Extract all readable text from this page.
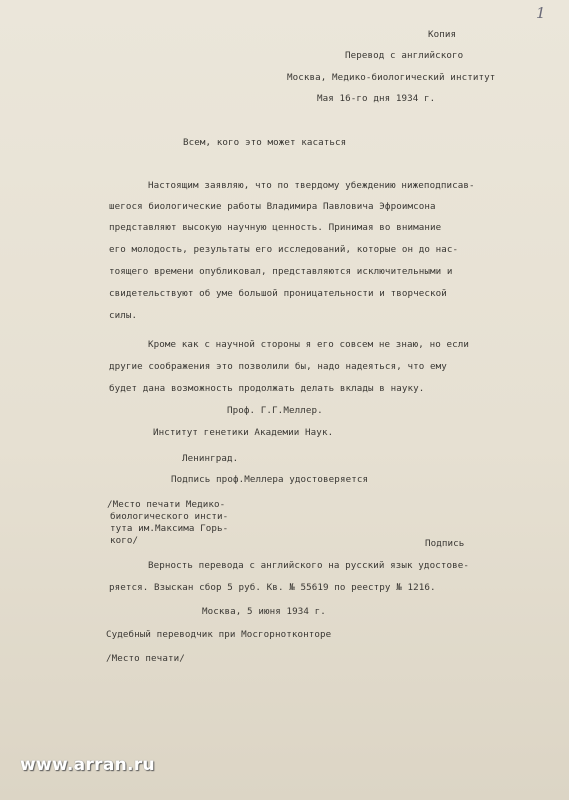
1
Копия
Перевод с английского
Москва, Медико-биологический институт
Мая 16-го дня 1934 г.
Всем, кого это может касаться
Настоящим заявляю, что по твердому убеждению нижеподписав-
шегося биологические работы Владимира Павловича Эфроимсона
представляют высокую научную ценность. Принимая во внимание
его молодость, результаты его исследований, которые он до нас-
тоящего времени опубликовал, представляются исключительными и
свидетельствуют об уме большой проницательности и творческой
силы.
Кроме как с научной стороны я его совсем не знаю, но если
другие соображения это позволили бы, надо надеяться, что ему
будет дана возможность продолжать делать вклады в науку.
Проф. Г.Г.Меллер.
Институт генетики Академии Наук.
Ленинград.
Подпись проф.Меллера удостоверяется
/Место печати Медико-
биологического инсти-
тута им.Максима Горь-
кого/	Подпись
Верность перевода с английского на русский язык удостове-
ряется. Взыскан сбор 5 руб. Кв. № 55619 по реестру № 1216.
Москва, 5 июня 1934 г.
Судебный переводчик при Мосгорнотконторе
/Место печати/
www.arran.ru
